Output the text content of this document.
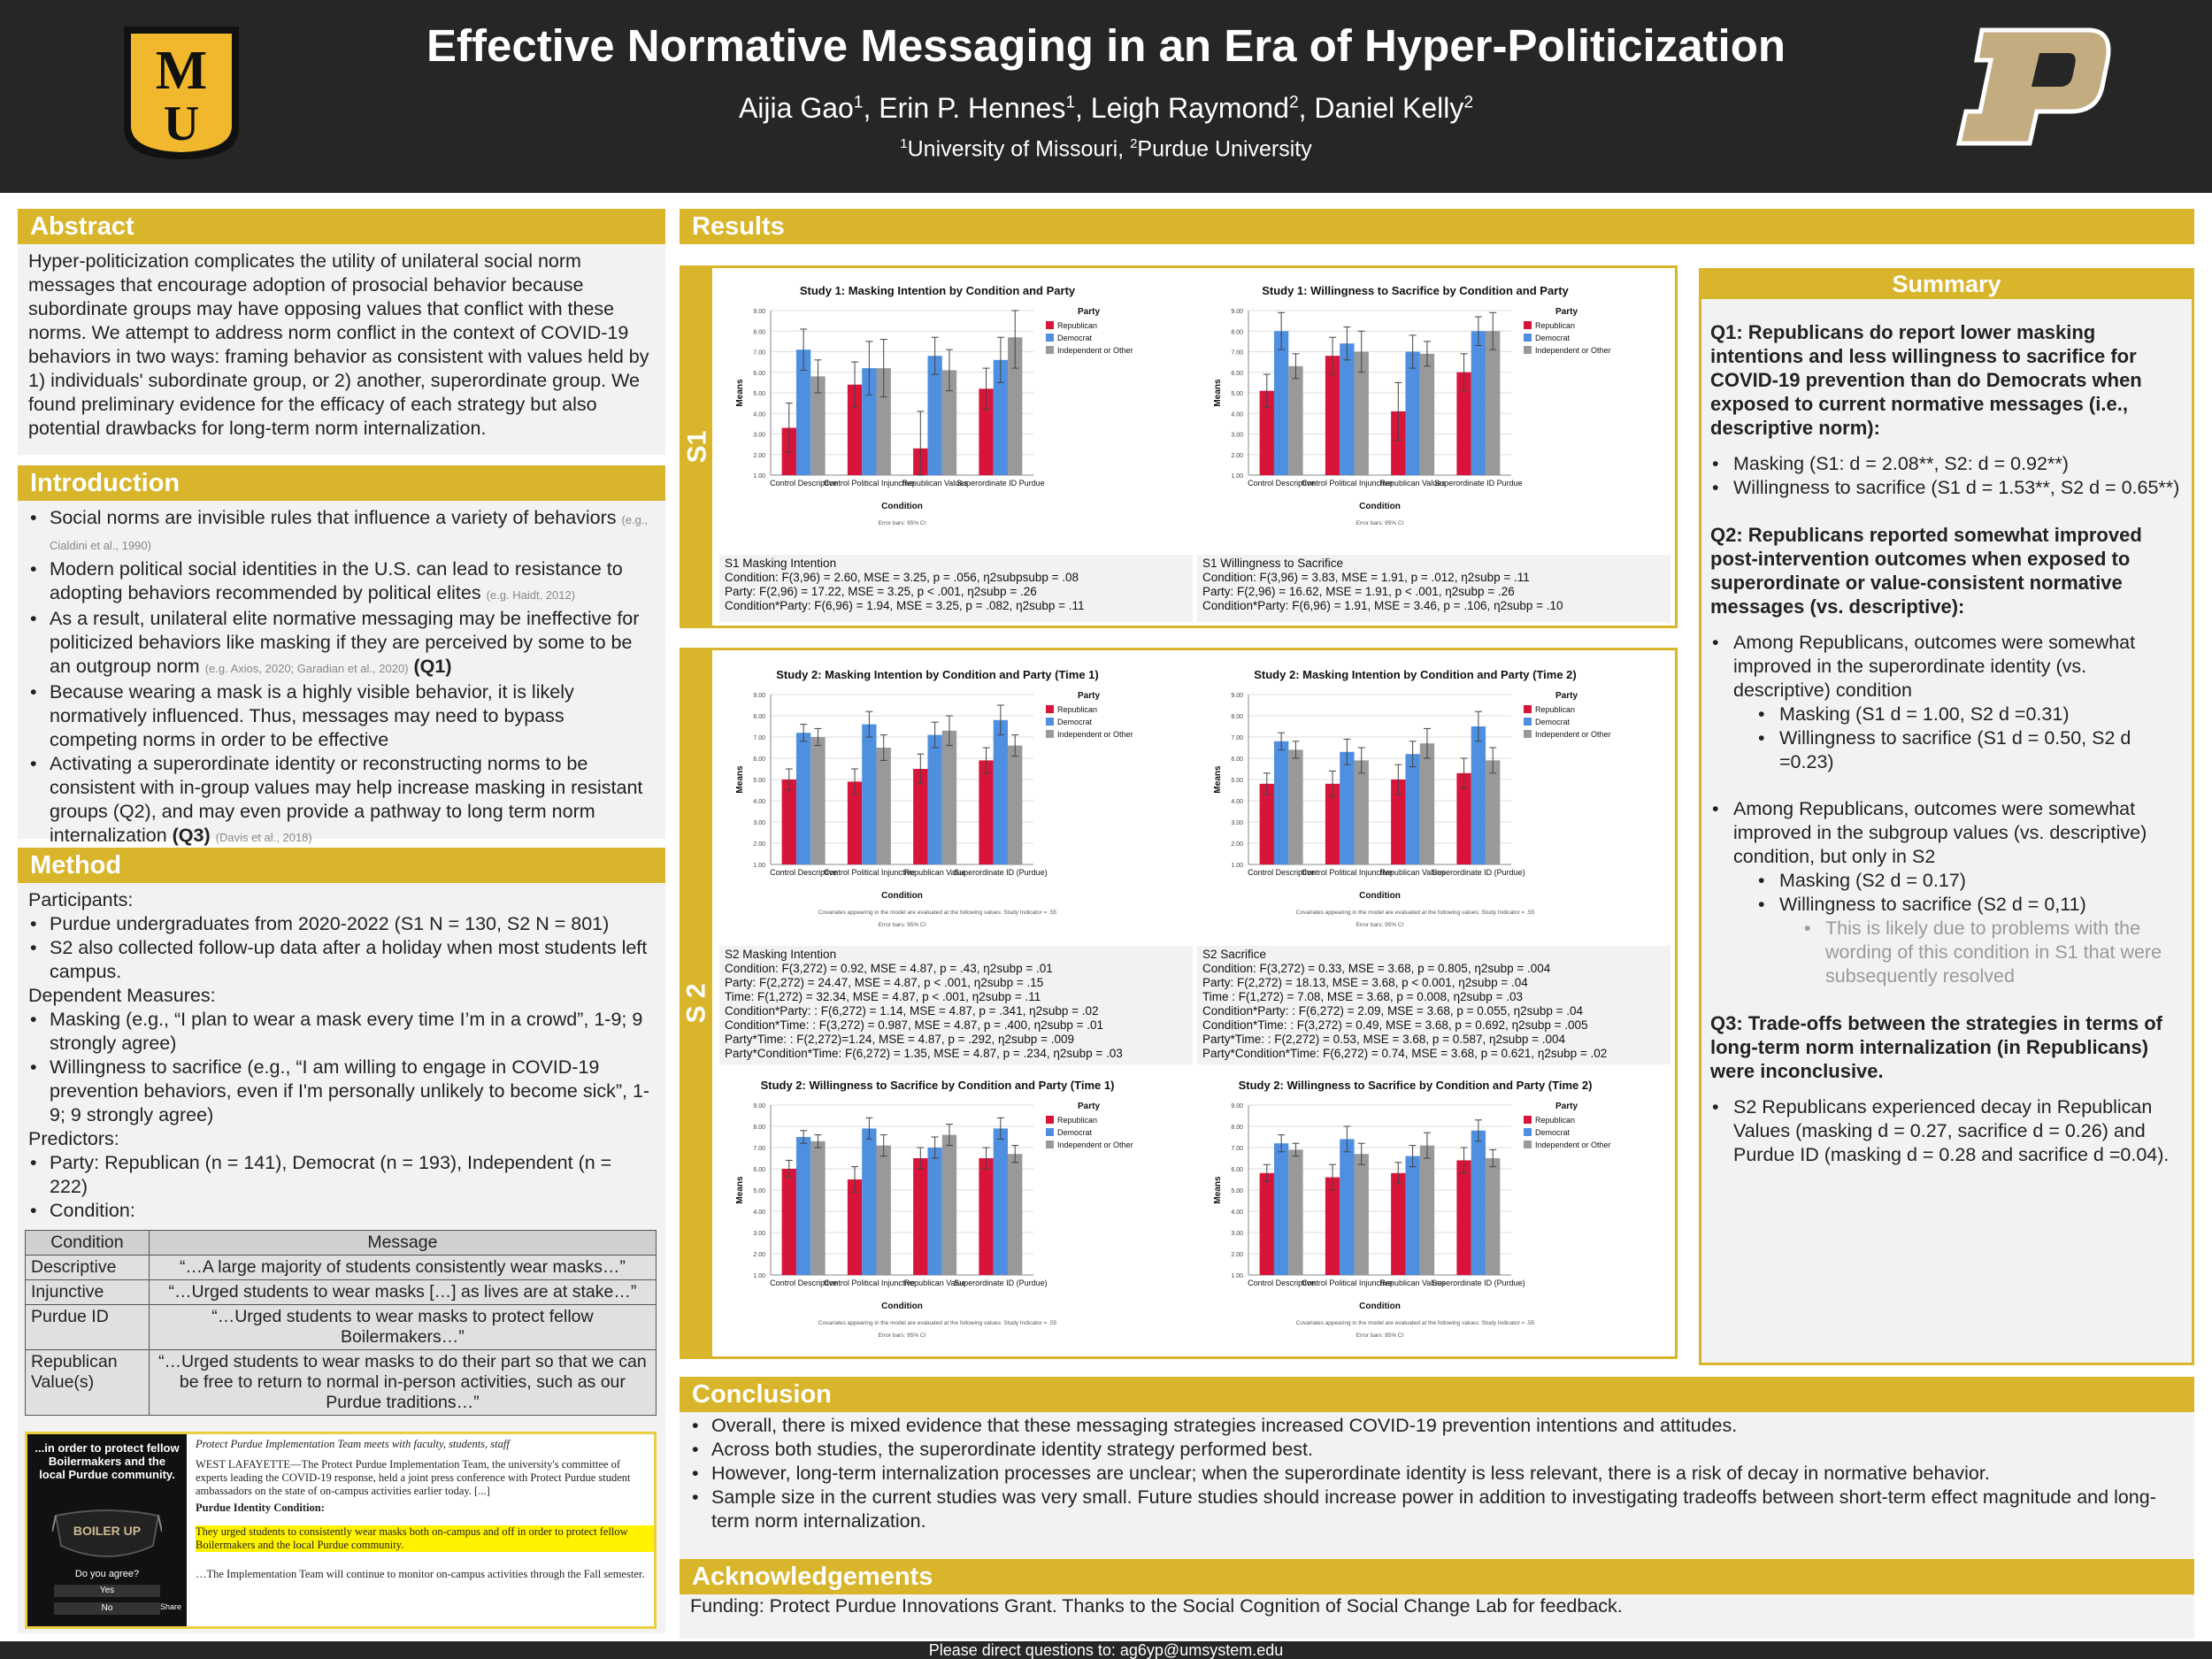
M
U
Effective Normative Messaging in an Era of Hyper-Politicization
Aijia Gao$^1$, Erin P. Hennes$^1$, Leigh Raymond$^2$, Daniel Kelly$^2$
$^1$University of Missouri, $^2$Purdue University
Abstract
Hyper-politicization complicates the utility of unilateral social norm messages that encourage adoption of prosocial behavior because subordinate groups may have opposing values that conflict with these norms. We attempt to address norm conflict in the context of COVID-19 behaviors in two ways: framing behavior as consistent with values held by 1) individuals' subordinate group, or 2) another, superordinate group. We found preliminary evidence for the efficacy of each strategy but also potential drawbacks for long-term norm internalization.
Introduction
• Social norms are invisible rules that influence a variety of behaviors (e.g., Cialdini et al., 1990)
• Modern political social identities in the U.S. can lead to resistance to adopting behaviors recommended by political elites (e.g. Haidt, 2012)
• As a result, unilateral elite normative messaging may be ineffective for politicized behaviors like masking if they are perceived by some to be an outgroup norm (e.g. Axios, 2020; Garadian et al., 2020) (Q1)
• Because wearing a mask is a highly visible behavior, it is likely normatively influenced. Thus, messages may need to bypass competing norms in order to be effective
• Activating a superordinate identity or reconstructing norms to be consistent with in-group values may help increase masking in resistant groups (Q2), and may even provide a pathway to long term norm internalization (Q3) (Davis et al., 2018)
Method
Participants:
• Purdue undergraduates from 2020-2022 (S1 N = 130, S2 N = 801)
• S2 also collected follow-up data after a holiday when most students left campus.
Dependent Measures:
• Masking (e.g., “I plan to wear a mask every time I’m in a crowd”, 1-9; 9 strongly agree)
• Willingness to sacrifice (e.g., “I am willing to engage in COVID-19 prevention behaviors, even if I'm personally unlikely to become sick”, 1-9; 9 strongly agree)
Predictors:
• Party: Republican (n = 141), Democrat (n = 193), Independent (n = 222)
• Condition:
Condition	Message
Descriptive	“…A large majority of students consistently wear masks…”
Injunctive	“…Urged students to wear masks […] as lives are at stake…”
Purdue ID	“…Urged students to wear masks to protect fellow Boilermakers…”
Republican Value(s)	“…Urged students to wear masks to do their part so that we can be free to return to normal in-person activities, such as our Purdue traditions…”
...in order to protect fellow Boilermakers and the local Purdue community.
BOILER UP
Do you agree?
Yes
No	Share
Protect Purdue Implementation Team meets with faculty, students, staff
WEST LAFAYETTE—The Protect Purdue Implementation Team, the university's committee of experts leading the COVID-19 response, held a joint press conference with Protect Purdue student ambassadors on the state of on-campus activities earlier today. [...]
Purdue Identity Condition:
They urged students to consistently wear masks both on-campus and off in order to protect fellow Boilermakers and the local Purdue community.
…The Implementation Team will continue to monitor on-campus activities through the Fall semester.
Results
S1
Study 1: Masking Intention by Condition and Party
1.00
2.00
3.00
4.00
5.00
6.00
7.00
8.00
9.00
Means
Control Descriptive
Control Political Injunctive
Republican Values
Superordinate ID Purdue
Condition
Error bars: 95% CI
Party
Republican
Democrat
Independent or Other
Study 1: Willingness to Sacrifice by Condition and Party
1.00
2.00
3.00
4.00
5.00
6.00
7.00
8.00
9.00
Means
Control Descriptive
Control Political Injunctive
Republican Values
Superordinate ID Purdue
Condition
Error bars: 95% CI
Party
Republican
Democrat
Independent or Other
S1 Masking Intention
Condition: F(3,96) = 2.60, MSE = 3.25, p = .056, η2subpsubp = .08
Party: F(2,96) = 17.22, MSE = 3.25, p < .001, η2subp = .26
Condition*Party: F(6,96) = 1.94, MSE = 3.25, p = .082, η2subp = .11
S1 Willingness to Sacrifice
Condition: F(3,96) = 3.83, MSE = 1.91, p = .012, η2subp = .11
Party: F(2,96) = 16.62, MSE = 1.91, p < .001, η2subp = .26
Condition*Party: F(6,96) = 1.91, MSE = 3.46, p = .106, η2subp = .10
S 2
Study 2: Masking Intention by Condition and Party (Time 1)
1.00
2.00
3.00
4.00
5.00
6.00
7.00
8.00
9.00
Means
Control Descriptive
Control Political Injunctive
Republican Value
Superordinate ID (Purdue)
Condition
Covariates appearing in the model are evaluated at the following values: Study Indicator = .55
Error bars: 95% CI
Party
Republican
Democrat
Independent or Other
Study 2: Masking Intention by Condition and Party (Time 2)
1.00
2.00
3.00
4.00
5.00
6.00
7.00
8.00
9.00
Means
Control Descriptive
Control Political Injunctive
Republican Values
Superordinate ID (Purdue)
Condition
Covariates appearing in the model are evaluated at the following values: Study Indicator = .55
Error bars: 95% CI
Party
Republican
Democrat
Independent or Other
S2 Masking Intention
Condition: F(3,272) = 0.92, MSE = 4.87, p = .43, η2subp = .01
Party: F(2,272) = 24.47, MSE = 4.87, p < .001, η2subp = .15
Time: F(1,272) = 32.34, MSE = 4.87, p < .001, η2subp = .11
Condition*Party: : F(6,272) = 1.14, MSE = 4.87, p = .341, η2subp = .02
Condition*Time: : F(3,272) = 0.987, MSE = 4.87, p = .400, η2subp = .01
Party*Time: : F(2,272)=1.24, MSE = 4.87, p = .292, η2subp = .009
Party*Condition*Time: F(6,272) = 1.35, MSE = 4.87, p = .234, η2subp = .03
S2 Sacrifice
Condition: F(3,272) = 0.33, MSE = 3.68, p = 0.805, η2subp = .004
Party: F(2,272) = 18.13, MSE = 3.68, p < 0.001, η2subp = .04
Time : F(1,272) = 7.08, MSE = 3.68, p = 0.008, η2subp = .03
Condition*Party: : F(6,272) = 2.09, MSE = 3.68, p = 0.055, η2subp = .04
Condition*Time: : F(3,272) = 0.49, MSE = 3.68, p = 0.692, η2subp = .005
Party*Time: : F(2,272) = 0.53, MSE = 3.68, p = 0.587, η2subp = .004
Party*Condition*Time: F(6,272) = 0.74, MSE = 3.68, p = 0.621, η2subp = .02
Study 2: Willingness to Sacrifice by Condition and Party (Time 1)
1.00
2.00
3.00
4.00
5.00
6.00
7.00
8.00
9.00
Means
Control Descriptive
Control Political Injunctive
Republican Value
Superordinate ID (Purdue)
Condition
Covariates appearing in the model are evaluated at the following values: Study Indicator = .55
Error bars: 95% CI
Party
Republican
Democrat
Independent or Other
Study 2: Willingness to Sacrifice by Condition and Party (Time 2)
1.00
2.00
3.00
4.00
5.00
6.00
7.00
8.00
9.00
Means
Control Descriptive
Control Political Injunctive
Republican Values
Superordinate ID (Purdue)
Condition
Covariates appearing in the model are evaluated at the following values: Study Indicator = .55
Error bars: 95% CI
Party
Republican
Democrat
Independent or Other
Summary
Q1: Republicans do report lower masking intentions and less willingness to sacrifice for COVID-19 prevention than do Democrats when exposed to current normative messages (i.e., descriptive norm):
• Masking (S1: d = 2.08**, S2: d = 0.92**)
• Willingness to sacrifice (S1 d = 1.53**, S2 d = 0.65**)
Q2: Republicans reported somewhat improved post-intervention outcomes when exposed to superordinate or value-consistent normative messages (vs. descriptive):
• Among Republicans, outcomes were somewhat improved in the superordinate identity (vs. descriptive) condition
• Masking (S1 d = 1.00, S2 d =0.31)
• Willingness to sacrifice (S1 d = 0.50, S2 d =0.23)
• Among Republicans, outcomes were somewhat improved in the subgroup values (vs. descriptive) condition, but only in S2
• Masking (S2 d = 0.17)
• Willingness to sacrifice (S2 d = 0,11)
• This is likely due to problems with the wording of this condition in S1 that were subsequently resolved
Q3: Trade-offs between the strategies in terms of long-term norm internalization (in Republicans) were inconclusive.
• S2 Republicans experienced decay in Republican Values (masking d = 0.27, sacrifice d = 0.26) and Purdue ID (masking d = 0.28 and sacrifice d =0.04).
Conclusion
• Overall, there is mixed evidence that these messaging strategies increased COVID-19 prevention intentions and attitudes.
• Across both studies, the superordinate identity strategy performed best.
• However, long-term internalization processes are unclear; when the superordinate identity is less relevant, there is a risk of decay in normative behavior.
• Sample size in the current studies was very small. Future studies should increase power in addition to investigating tradeoffs between short-term effect magnitude and long-term norm internalization.
Acknowledgements
Funding: Protect Purdue Innovations Grant. Thanks to the Social Cognition of Social Change Lab for feedback.
Please direct questions to: ag6yp@umsystem.edu
